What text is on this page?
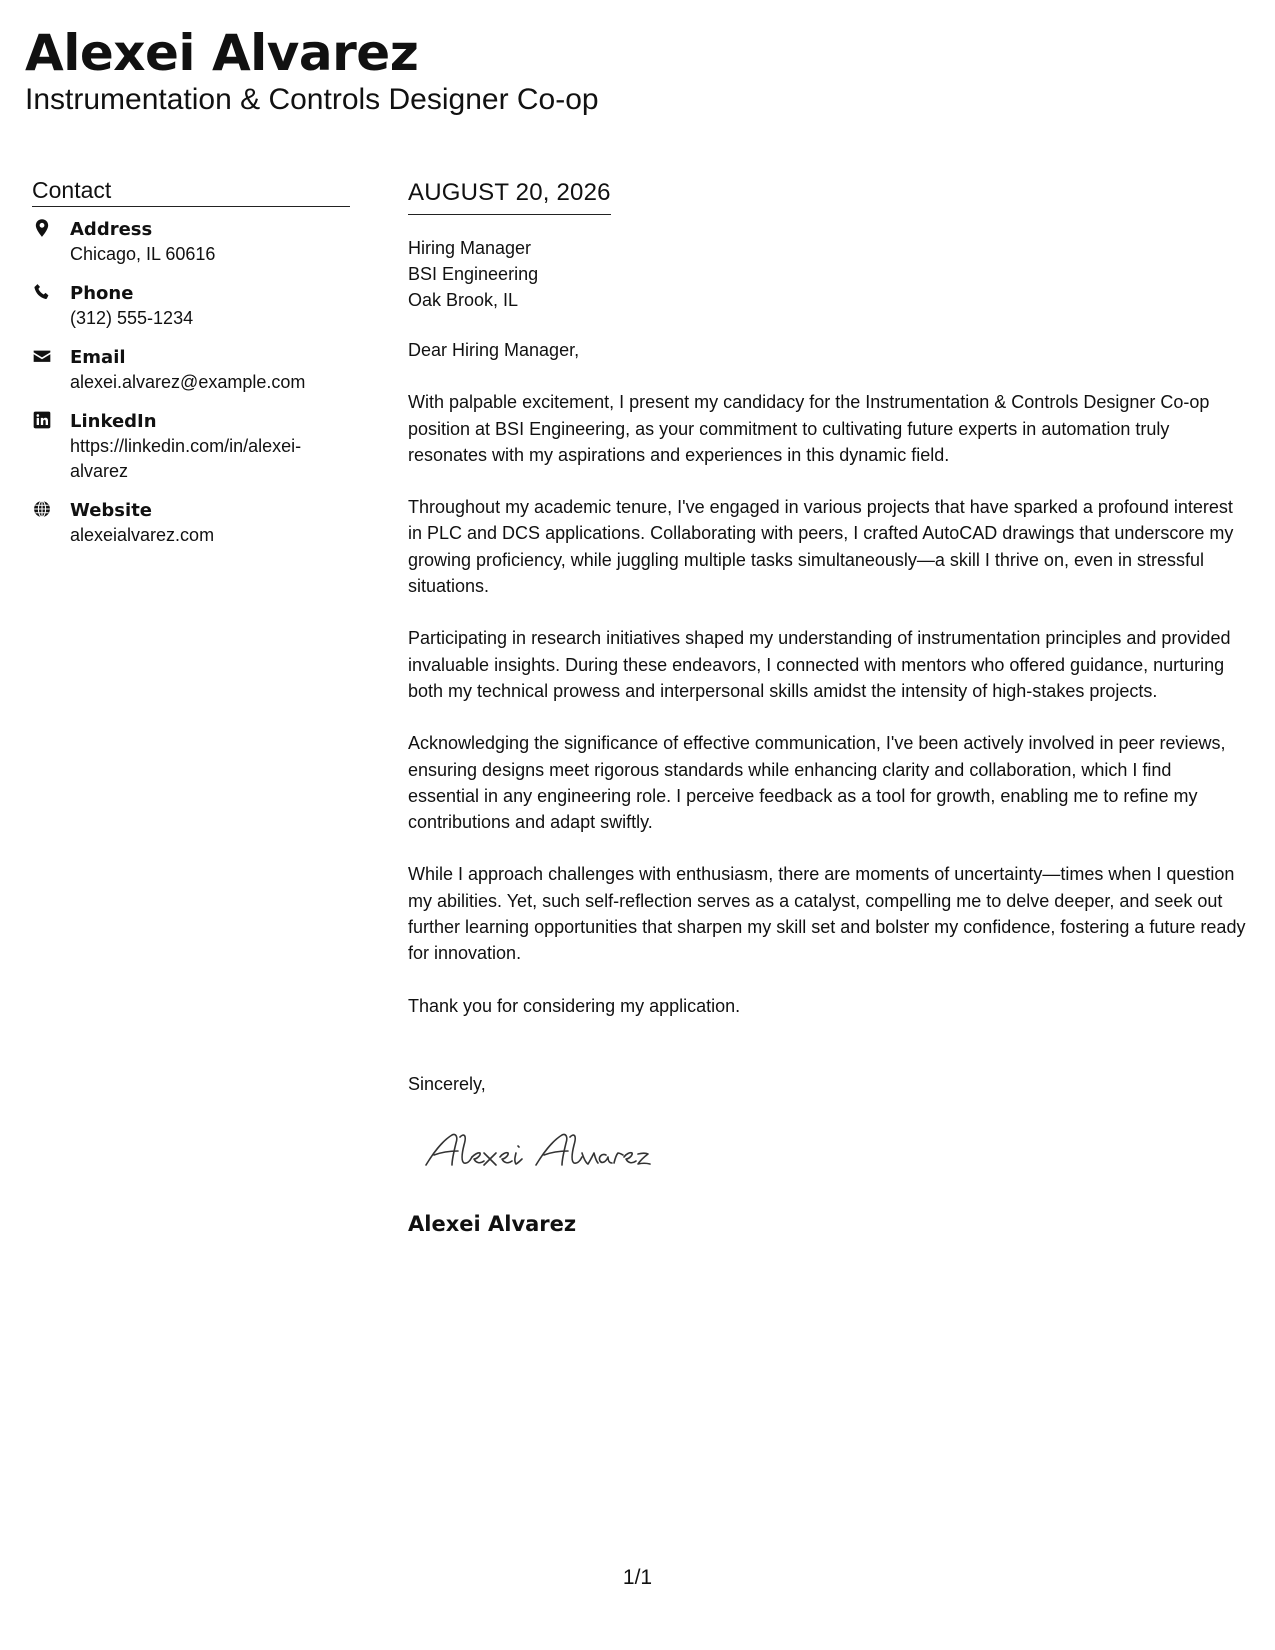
Alexei Alvarez
Instrumentation & Controls Designer Co-op
Contact
Address
Chicago, IL 60616
Phone
(312) 555-1234
Email
alexei.alvarez@example.com
LinkedIn
https://linkedin.com/in/alexei-alvarez
Website
alexeialvarez.com
AUGUST 20, 2026
Hiring Manager
BSI Engineering
Oak Brook, IL
Dear Hiring Manager,
With palpable excitement, I present my candidacy for the Instrumentation & Controls Designer Co-op position at BSI Engineering, as your commitment to cultivating future experts in automation truly resonates with my aspirations and experiences in this dynamic field.
Throughout my academic tenure, I've engaged in various projects that have sparked a profound interest in PLC and DCS applications. Collaborating with peers, I crafted AutoCAD drawings that underscore my growing proficiency, while juggling multiple tasks simultaneously—a skill I thrive on, even in stressful situations.
Participating in research initiatives shaped my understanding of instrumentation principles and provided invaluable insights. During these endeavors, I connected with mentors who offered guidance, nurturing both my technical prowess and interpersonal skills amidst the intensity of high-stakes projects.
Acknowledging the significance of effective communication, I've been actively involved in peer reviews, ensuring designs meet rigorous standards while enhancing clarity and collaboration, which I find essential in any engineering role. I perceive feedback as a tool for growth, enabling me to refine my contributions and adapt swiftly.
While I approach challenges with enthusiasm, there are moments of uncertainty—times when I question my abilities. Yet, such self-reflection serves as a catalyst, compelling me to delve deeper, and seek out further learning opportunities that sharpen my skill set and bolster my confidence, fostering a future ready for innovation.
Thank you for considering my application.
Sincerely,
Alexei Alvarez
1/1
